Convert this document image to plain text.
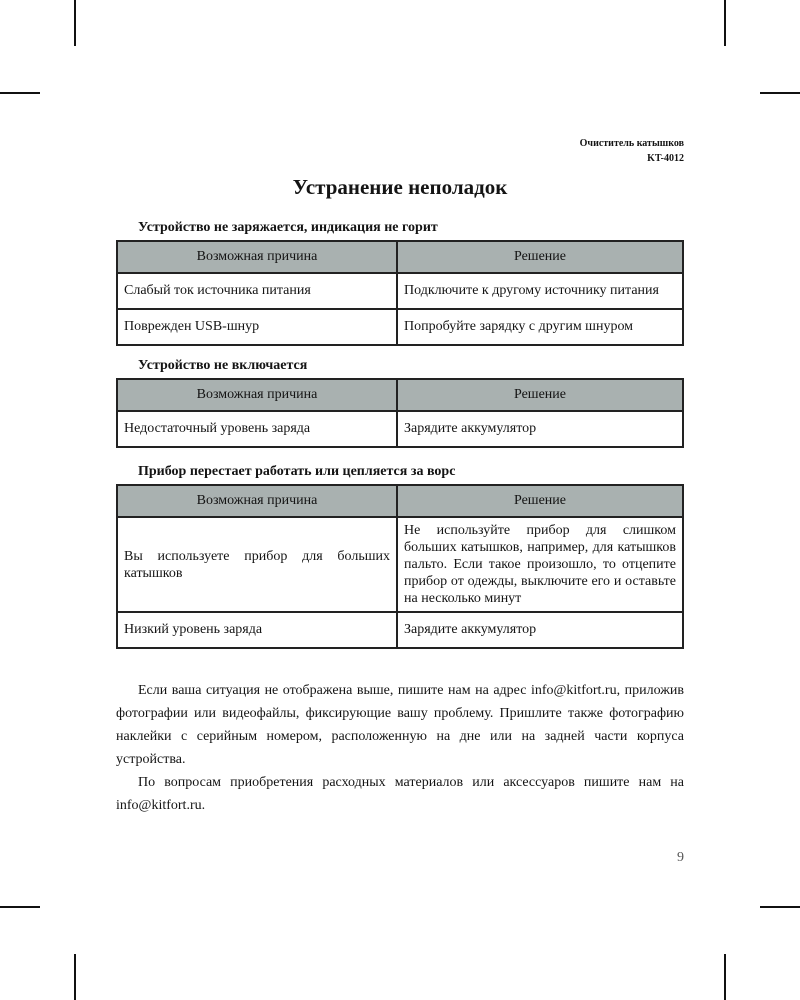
Очиститель катышков
KT-4012
Устранение неполадок
Устройство не заряжается, индикация не горит
Возможная причина	Решение
Слабый ток источника питания	Подключите к другому источнику питания
Поврежден USB-шнур	Попробуйте зарядку с другим шнуром
Устройство не включается
Возможная причина	Решение
Недостаточный уровень заряда	Зарядите аккумулятор
Прибор перестает работать или цепляется за ворс
Возможная причина	Решение
Вы используете прибор для больших катышков	Не используйте прибор для слишком больших катышков, например, для катышков пальто. Если такое произошло, то отцепите прибор от одежды, выключите его и оставьте на несколько минут
Низкий уровень заряда	Зарядите аккумулятор

Если ваша ситуация не отображена выше, пишите нам на адрес info@kitfort.ru, приложив фотографии или видеофайлы, фиксирующие вашу проблему. Пришлите также фотографию наклейки с серийным номером, расположенную на дне или на задней части корпуса устройства.

По вопросам приобретения расходных материалов или аксессуаров пишите нам на info@kitfort.ru.

9
